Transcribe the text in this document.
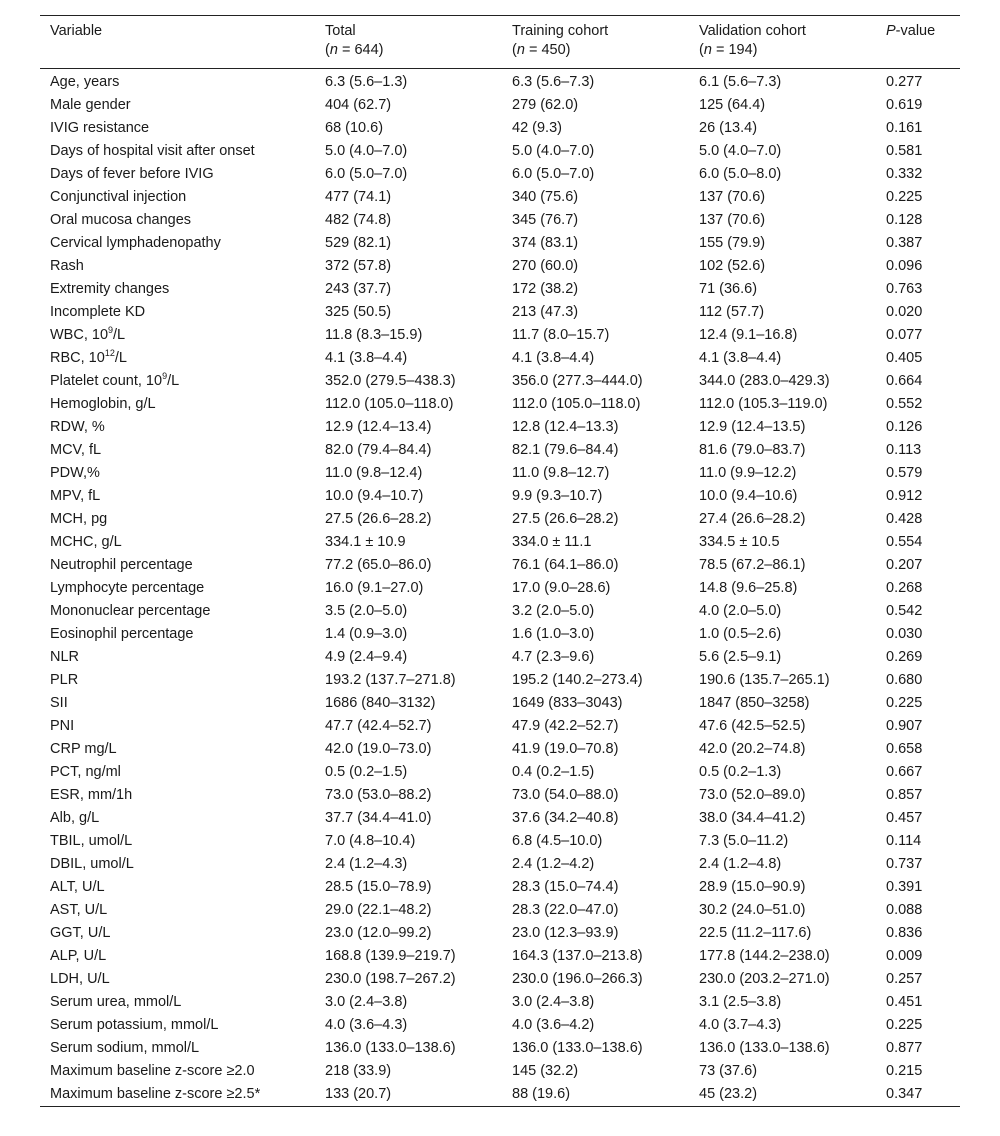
Variable	Total	Training cohort	Validation cohort	P-value
	(n = 644)	(n = 450)	(n = 194)	
Age, years	6.3 (5.6–1.3)	6.3 (5.6–7.3)	6.1 (5.6–7.3)	0.277
Male gender	404 (62.7)	279 (62.0)	125 (64.4)	0.619
IVIG resistance	68 (10.6)	42 (9.3)	26 (13.4)	0.161
Days of hospital visit after onset	5.0 (4.0–7.0)	5.0 (4.0–7.0)	5.0 (4.0–7.0)	0.581
Days of fever before IVIG	6.0 (5.0–7.0)	6.0 (5.0–7.0)	6.0 (5.0–8.0)	0.332
Conjunctival injection	477 (74.1)	340 (75.6)	137 (70.6)	0.225
Oral mucosa changes	482 (74.8)	345 (76.7)	137 (70.6)	0.128
Cervical lymphadenopathy	529 (82.1)	374 (83.1)	155 (79.9)	0.387
Rash	372 (57.8)	270 (60.0)	102 (52.6)	0.096
Extremity changes	243 (37.7)	172 (38.2)	71 (36.6)	0.763
Incomplete KD	325 (50.5)	213 (47.3)	112 (57.7)	0.020
WBC, $10^9/L$	11.8 (8.3–15.9)	11.7 (8.0–15.7)	12.4 (9.1–16.8)	0.077
RBC, $10^{12}/L$	4.1 (3.8–4.4)	4.1 (3.8–4.4)	4.1 (3.8–4.4)	0.405
Platelet count, $10^9/L$	352.0 (279.5–438.3)	356.0 (277.3–444.0)	344.0 (283.0–429.3)	0.664
Hemoglobin, g/L	112.0 (105.0–118.0)	112.0 (105.0–118.0)	112.0 (105.3–119.0)	0.552
RDW, %	12.9 (12.4–13.4)	12.8 (12.4–13.3)	12.9 (12.4–13.5)	0.126
MCV, fL	82.0 (79.4–84.4)	82.1 (79.6–84.4)	81.6 (79.0–83.7)	0.113
PDW,%	11.0 (9.8–12.4)	11.0 (9.8–12.7)	11.0 (9.9–12.2)	0.579
MPV, fL	10.0 (9.4–10.7)	9.9 (9.3–10.7)	10.0 (9.4–10.6)	0.912
MCH, pg	27.5 (26.6–28.2)	27.5 (26.6–28.2)	27.4 (26.6–28.2)	0.428
MCHC, g/L	334.1 ± 10.9	334.0 ± 11.1	334.5 ± 10.5	0.554
Neutrophil percentage	77.2 (65.0–86.0)	76.1 (64.1–86.0)	78.5 (67.2–86.1)	0.207
Lymphocyte percentage	16.0 (9.1–27.0)	17.0 (9.0–28.6)	14.8 (9.6–25.8)	0.268
Mononuclear percentage	3.5 (2.0–5.0)	3.2 (2.0–5.0)	4.0 (2.0–5.0)	0.542
Eosinophil percentage	1.4 (0.9–3.0)	1.6 (1.0–3.0)	1.0 (0.5–2.6)	0.030
NLR	4.9 (2.4–9.4)	4.7 (2.3–9.6)	5.6 (2.5–9.1)	0.269
PLR	193.2 (137.7–271.8)	195.2 (140.2–273.4)	190.6 (135.7–265.1)	0.680
SII	1686 (840–3132)	1649 (833–3043)	1847 (850–3258)	0.225
PNI	47.7 (42.4–52.7)	47.9 (42.2–52.7)	47.6 (42.5–52.5)	0.907
CRP mg/L	42.0 (19.0–73.0)	41.9 (19.0–70.8)	42.0 (20.2–74.8)	0.658
PCT, ng/ml	0.5 (0.2–1.5)	0.4 (0.2–1.5)	0.5 (0.2–1.3)	0.667
ESR, mm/1h	73.0 (53.0–88.2)	73.0 (54.0–88.0)	73.0 (52.0–89.0)	0.857
Alb, g/L	37.7 (34.4–41.0)	37.6 (34.2–40.8)	38.0 (34.4–41.2)	0.457
TBIL, umol/L	7.0 (4.8–10.4)	6.8 (4.5–10.0)	7.3 (5.0–11.2)	0.114
DBIL, umol/L	2.4 (1.2–4.3)	2.4 (1.2–4.2)	2.4 (1.2–4.8)	0.737
ALT, U/L	28.5 (15.0–78.9)	28.3 (15.0–74.4)	28.9 (15.0–90.9)	0.391
AST, U/L	29.0 (22.1–48.2)	28.3 (22.0–47.0)	30.2 (24.0–51.0)	0.088
GGT, U/L	23.0 (12.0–99.2)	23.0 (12.3–93.9)	22.5 (11.2–117.6)	0.836
ALP, U/L	168.8 (139.9–219.7)	164.3 (137.0–213.8)	177.8 (144.2–238.0)	0.009
LDH, U/L	230.0 (198.7–267.2)	230.0 (196.0–266.3)	230.0 (203.2–271.0)	0.257
Serum urea, mmol/L	3.0 (2.4–3.8)	3.0 (2.4–3.8)	3.1 (2.5–3.8)	0.451
Serum potassium, mmol/L	4.0 (3.6–4.3)	4.0 (3.6–4.2)	4.0 (3.7–4.3)	0.225
Serum sodium, mmol/L	136.0 (133.0–138.6)	136.0 (133.0–138.6)	136.0 (133.0–138.6)	0.877
Maximum baseline z-score ≥2.0	218 (33.9)	145 (32.2)	73 (37.6)	0.215
Maximum baseline z-score ≥2.5*	133 (20.7)	88 (19.6)	45 (23.2)	0.347
